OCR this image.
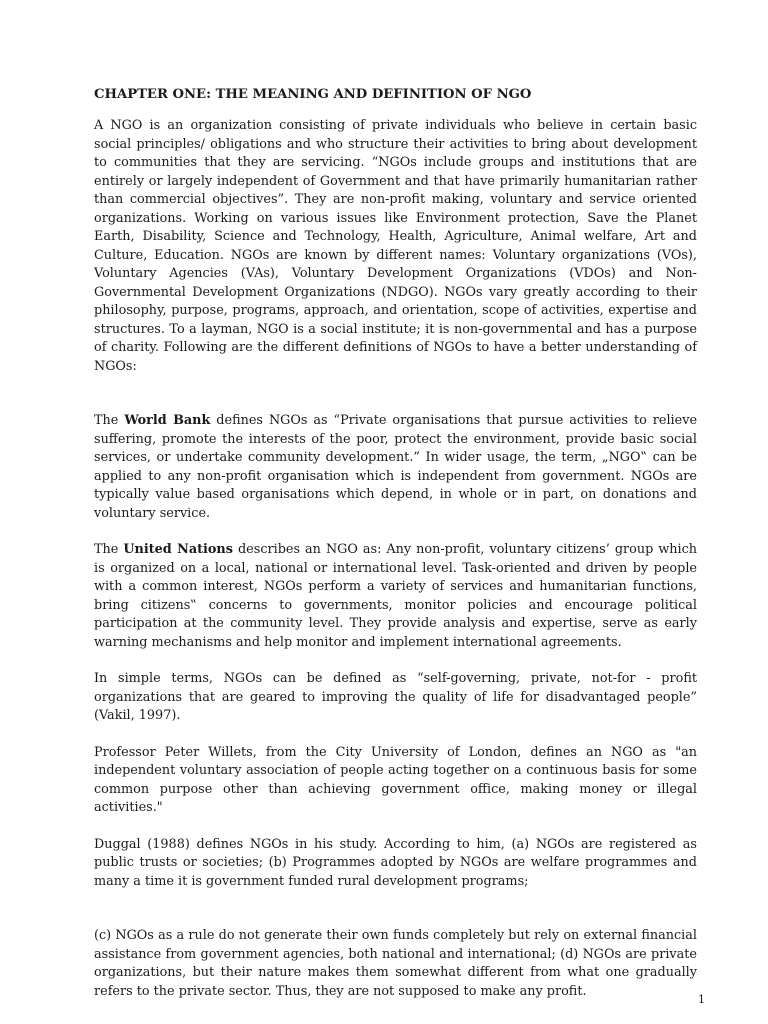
CHAPTER ONE: THE MEANING AND DEFINITION OF NGO

A NGO is an organization consisting of private individuals who believe in certain basic social principles/ obligations and who structure their activities to bring about development to communities that they are servicing. “NGOs include groups and institutions that are entirely or largely independent of Government and that have primarily humanitarian rather than commercial objectives”. They are non-profit making, voluntary and service oriented organizations. Working on various issues like Environment protection, Save the Planet Earth, Disability, Science and Technology, Health, Agriculture, Animal welfare, Art and Culture, Education. NGOs are known by different names: Voluntary organizations (VOs), Voluntary Agencies (VAs), Voluntary Development Organizations (VDOs) and Non-Governmental Development Organizations (NDGO). NGOs vary greatly according to their philosophy, purpose, programs, approach, and orientation, scope of activities, expertise and structures. To a layman, NGO is a social institute; it is non-governmental and has a purpose of charity. Following are the different definitions of NGOs to have a better understanding of NGOs:

The World Bank defines NGOs as “Private organisations that pursue activities to relieve suffering, promote the interests of the poor, protect the environment, provide basic social services, or undertake community development.” In wider usage, the term, „NGO‟ can be applied to any non-profit organisation which is independent from government. NGOs are typically value based organisations which depend, in whole or in part, on donations and voluntary service.

The United Nations describes an NGO as: Any non-profit, voluntary citizens’ group which is organized on a local, national or international level. Task-oriented and driven by people with a common interest, NGOs perform a variety of services and humanitarian functions, bring citizens‟ concerns to governments, monitor policies and encourage political participation at the community level. They provide analysis and expertise, serve as early warning mechanisms and help monitor and implement international agreements.

In simple terms, NGOs can be defined as “self-governing, private, not-for - profit organizations that are geared to improving the quality of life for disadvantaged people” (Vakil, 1997).

Professor Peter Willets, from the City University of London, defines an NGO as "an independent voluntary association of people acting together on a continuous basis for some common purpose other than achieving government office, making money or illegal activities."

Duggal (1988) defines NGOs in his study. According to him, (a) NGOs are registered as public trusts or societies; (b) Programmes adopted by NGOs are welfare programmes and many a time it is government funded rural development programs;

(c) NGOs as a rule do not generate their own funds completely but rely on external financial assistance from government agencies, both national and international; (d) NGOs are private organizations, but their nature makes them somewhat different from what one gradually refers to the private sector. Thus, they are not supposed to make any profit.

1
